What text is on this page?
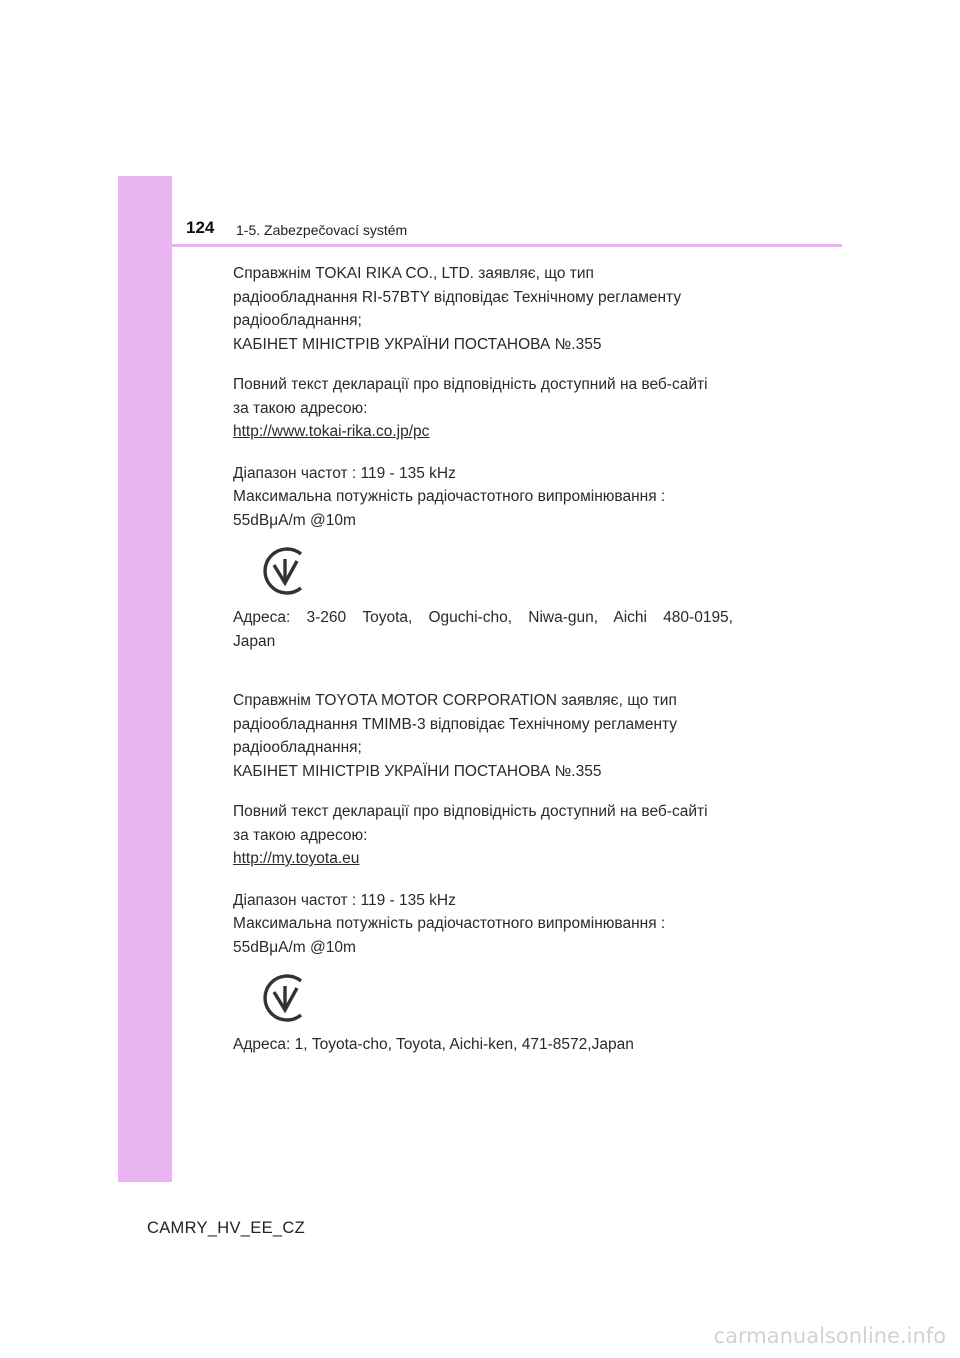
124 1-5. Zabezpečovací systém

Справжнім TOKAI RIKA CO., LTD. заявляє, що тип

радіообладнання RI-57BTY відповідає Технічному регламенту

радіообладнання;

КАБІНЕТ МІНІСТРІВ УКРАЇНИ ПОСТАНОВА №.355

Повний текст декларації про відповідність доступний на веб-сайті

за такою адресою:

http://www.tokai-rika.co.jp/pc

Діапазон частот : 119 - 135 kHz

Максимальна потужність радіочастотного випромінювання :

55dBμA/m @10m

Адреса: 3-260 Toyota, Oguchi-cho, Niwa-gun, Aichi 480-0195,

Japan

Справжнім TOYOTA MOTOR CORPORATION заявляє, що тип

радіообладнання TMIMB-3 відповідає Технічному регламенту

радіообладнання;

КАБІНЕТ МІНІСТРІВ УКРАЇНИ ПОСТАНОВА №.355

Повний текст декларації про відповідність доступний на веб-сайті

за такою адресою:

http://my.toyota.eu

Діапазон частот : 119 - 135 kHz

Максимальна потужність радіочастотного випромінювання :

55dBμA/m @10m

Адреса: 1, Toyota-cho, Toyota, Aichi-ken, 471-8572,Japan

CAMRY_HV_EE_CZ
carmanualsonline.info
